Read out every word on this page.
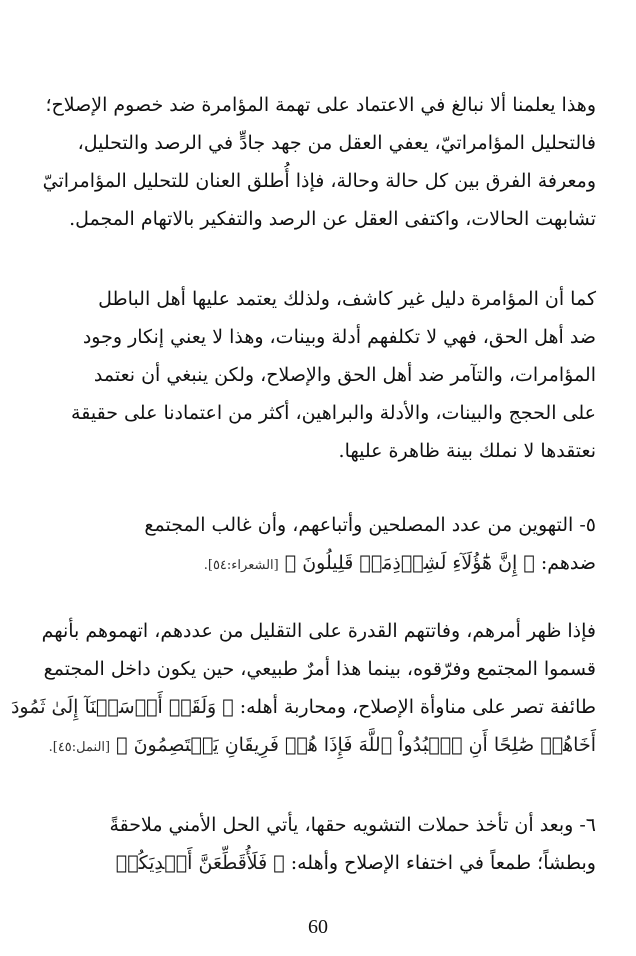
وهذا يعلمنا ألا نبالغ في الاعتماد على تهمة المؤامرة ضد خصوم الإصلاح؛
فالتحليل المؤامراتيّ، يعفي العقل من جهد جادٍّ في الرصد والتحليل،
ومعرفة الفرق بين كل حالة وحالة، فإذا أُطلق العنان للتحليل المؤامراتيّ
تشابهت الحالات، واكتفى العقل عن الرصد والتفكير بالاتهام المجمل.
كما أن المؤامرة دليل غير كاشف، ولذلك يعتمد عليها أهل الباطل
ضد أهل الحق، فهي لا تكلفهم أدلة وبينات، وهذا لا يعني إنكار وجود
المؤامرات، والتآمر ضد أهل الحق والإصلاح، ولكن ينبغي أن نعتمد
على الحجج والبينات، والأدلة والبراهين، أكثر من اعتمادنا على حقيقة
نعتقدها لا نملك بينة ظاهرة عليها.
٥- التهوين من عدد المصلحين وأتباعهم، وأن غالب المجتمع
ضدهم: ﴿ إِنَّ هَٰٓؤُلَآءِ لَشِرۡذِمَةٞ قَلِيلُونَ ﴾ [الشعراء:٥٤].
فإذا ظهر أمرهم، وفاتتهم القدرة على التقليل من عددهم، اتهموهم بأنهم
قسموا المجتمع وفرّقوه، بينما هذا أمرٌ طبيعي، حين يكون داخل المجتمع
طائفة تصر على مناوأة الإصلاح، ومحاربة أهله: ﴿ وَلَقَدۡ أَرۡسَلۡنَآ إِلَىٰ ثَمُودَ
أَخَاهُمۡ صَٰلِحًا أَنِ ٱعۡبُدُواْ ٱللَّهَ فَإِذَا هُمۡ فَرِيقَانِ يَخۡتَصِمُونَ ﴾ [النمل:٤٥].
٦- وبعد أن تأخذ حملات التشويه حقها، يأتي الحل الأمني ملاحقةً
وبطشاً؛ طمعاً في اختفاء الإصلاح وأهله: ﴿ فَلَأُقَطِّعَنَّ أَيۡدِيَكُمۡ
60
